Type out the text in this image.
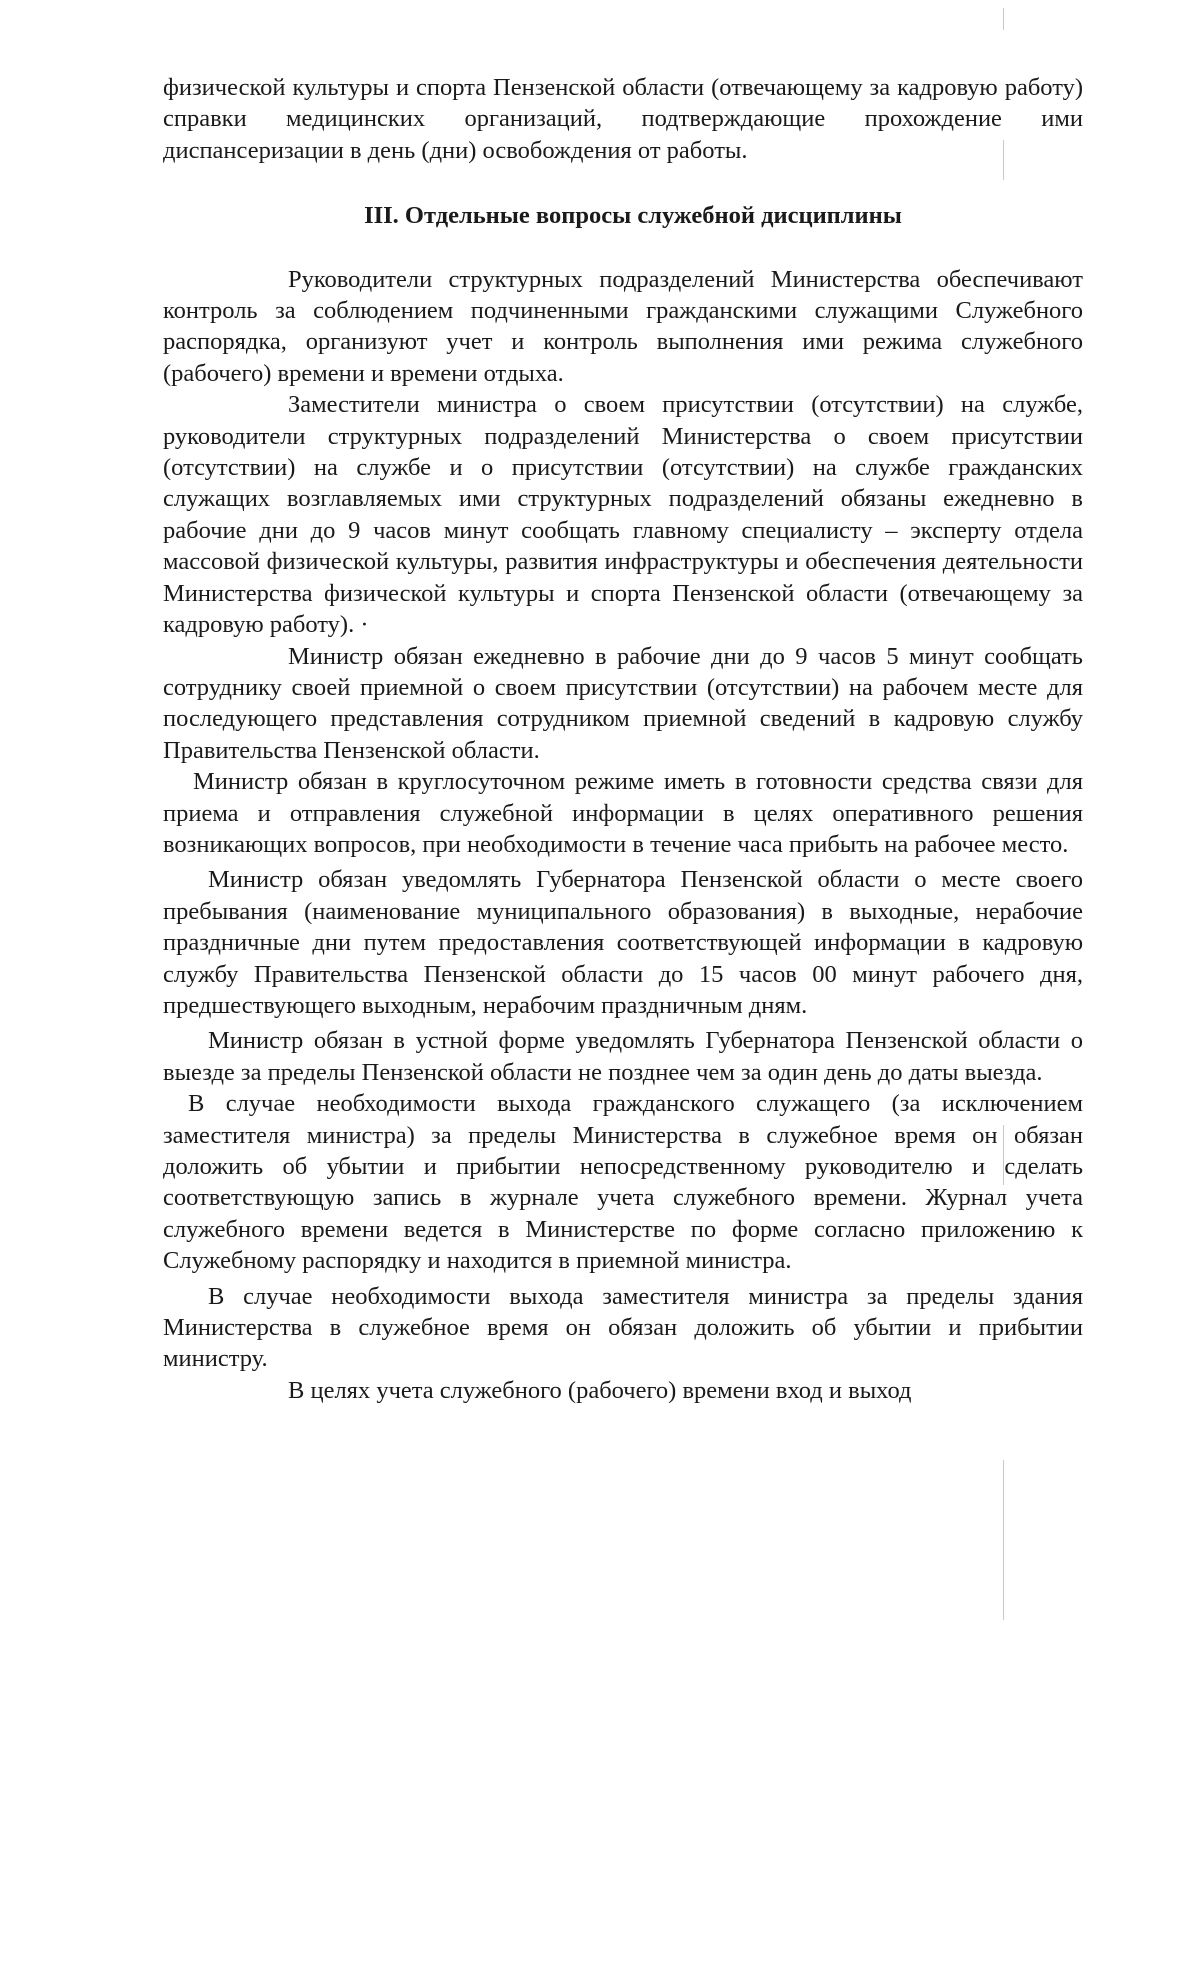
физической культуры и спорта Пензенской области (отвечающему за кадровую работу) справки медицинских организаций, подтверждающие прохождение ими диспансеризации в день (дни) освобождения от работы.

III. Отдельные вопросы служебной дисциплины

Руководители структурных подразделений Министерства обеспечивают контроль за соблюдением подчиненными гражданскими служащими Служебного распорядка, организуют учет и контроль выполнения ими режима служебного (рабочего) времени и времени отдыха.

Заместители министра о своем присутствии (отсутствии) на службе, руководители структурных подразделений Министерства о своем присутствии (отсутствии) на службе и о присутствии (отсутствии) на службе гражданских служащих возглавляемых ими структурных подразделений обязаны ежедневно в рабочие дни до 9 часов минут сообщать главному специалисту – эксперту отдела массовой физической культуры, развития инфраструктуры и обеспечения деятельности Министерства физической культуры и спорта Пензенской области (отвечающему за кадровую работу). ·

Министр обязан ежедневно в рабочие дни до 9 часов 5 минут сообщать сотруднику своей приемной о своем присутствии (отсутствии) на рабочем месте для последующего представления сотрудником приемной сведений в кадровую службу Правительства Пензенской области.

Министр обязан в круглосуточном режиме иметь в готовности средства связи для приема и отправления служебной информации в целях оперативного решения возникающих вопросов, при необходимости в течение часа прибыть на рабочее место.

Министр обязан уведомлять Губернатора Пензенской области о месте своего пребывания (наименование муниципального образования) в выходные, нерабочие праздничные дни путем предоставления соответствующей информации в кадровую службу Правительства Пензенской области до 15 часов 00 минут рабочего дня, предшествующего выходным, нерабочим праздничным дням.

Министр обязан в устной форме уведомлять Губернатора Пензенской области о выезде за пределы Пензенской области не позднее чем за один день до даты выезда.

В случае необходимости выхода гражданского служащего (за исключением заместителя министра) за пределы Министерства в служебное время он обязан доложить об убытии и прибытии непосредственному руководителю и сделать соответствующую запись в журнале учета служебного времени. Журнал учета служебного времени ведется в Министерстве по форме согласно приложению к Служебному распорядку и находится в приемной министра.

В случае необходимости выхода заместителя министра за пределы здания Министерства в служебное время он обязан доложить об убытии и прибытии министру.

В целях учета служебного (рабочего) времени вход и выход
